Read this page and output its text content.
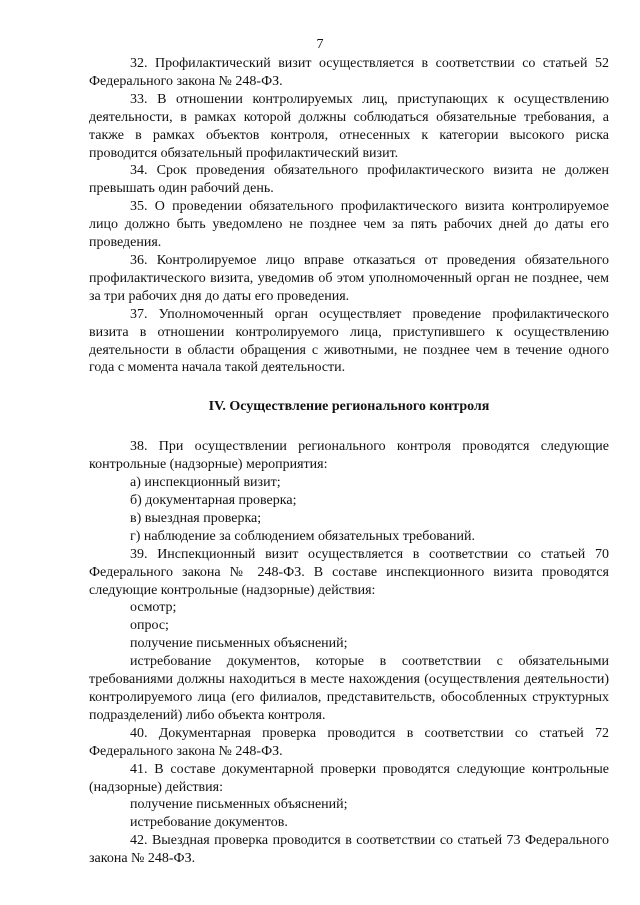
7

32. Профилактический визит осуществляется в соответствии со статьей 52 Федерального закона № 248-ФЗ.

33. В отношении контролируемых лиц, приступающих к осуществлению деятельности, в рамках которой должны соблюдаться обязательные требования, а также в рамках объектов контроля, отнесенных к категории высокого риска проводится обязательный профилактический визит.

34. Срок проведения обязательного профилактического визита не должен превышать один рабочий день.

35. О проведении обязательного профилактического визита контролируемое лицо должно быть уведомлено не позднее чем за пять рабочих дней до даты его проведения.

36. Контролируемое лицо вправе отказаться от проведения обязательного профилактического визита, уведомив об этом уполномоченный орган не позднее, чем за три рабочих дня до даты его проведения.

37. Уполномоченный орган осуществляет проведение профилактического визита в отношении контролируемого лица, приступившего к осуществлению деятельности в области обращения с животными, не позднее чем в течение одного года с момента начала такой деятельности.

IV. Осуществление регионального контроля

38. При осуществлении регионального контроля проводятся следующие контрольные (надзорные) мероприятия:

а) инспекционный визит;

б) документарная проверка;

в) выездная проверка;

г) наблюдение за соблюдением обязательных требований.

39. Инспекционный визит осуществляется в соответствии со статьей 70 Федерального закона № 248-ФЗ. В составе инспекционного визита проводятся следующие контрольные (надзорные) действия:

осмотр;

опрос;

получение письменных объяснений;

истребование документов, которые в соответствии с обязательными требованиями должны находиться в месте нахождения (осуществления деятельности) контролируемого лица (его филиалов, представительств, обособленных структурных подразделений) либо объекта контроля.

40. Документарная проверка проводится в соответствии со статьей 72 Федерального закона № 248-ФЗ.

41. В составе документарной проверки проводятся следующие контрольные (надзорные) действия:

получение письменных объяснений;

истребование документов.

42. Выездная проверка проводится в соответствии со статьей 73 Федерального закона № 248-ФЗ.
